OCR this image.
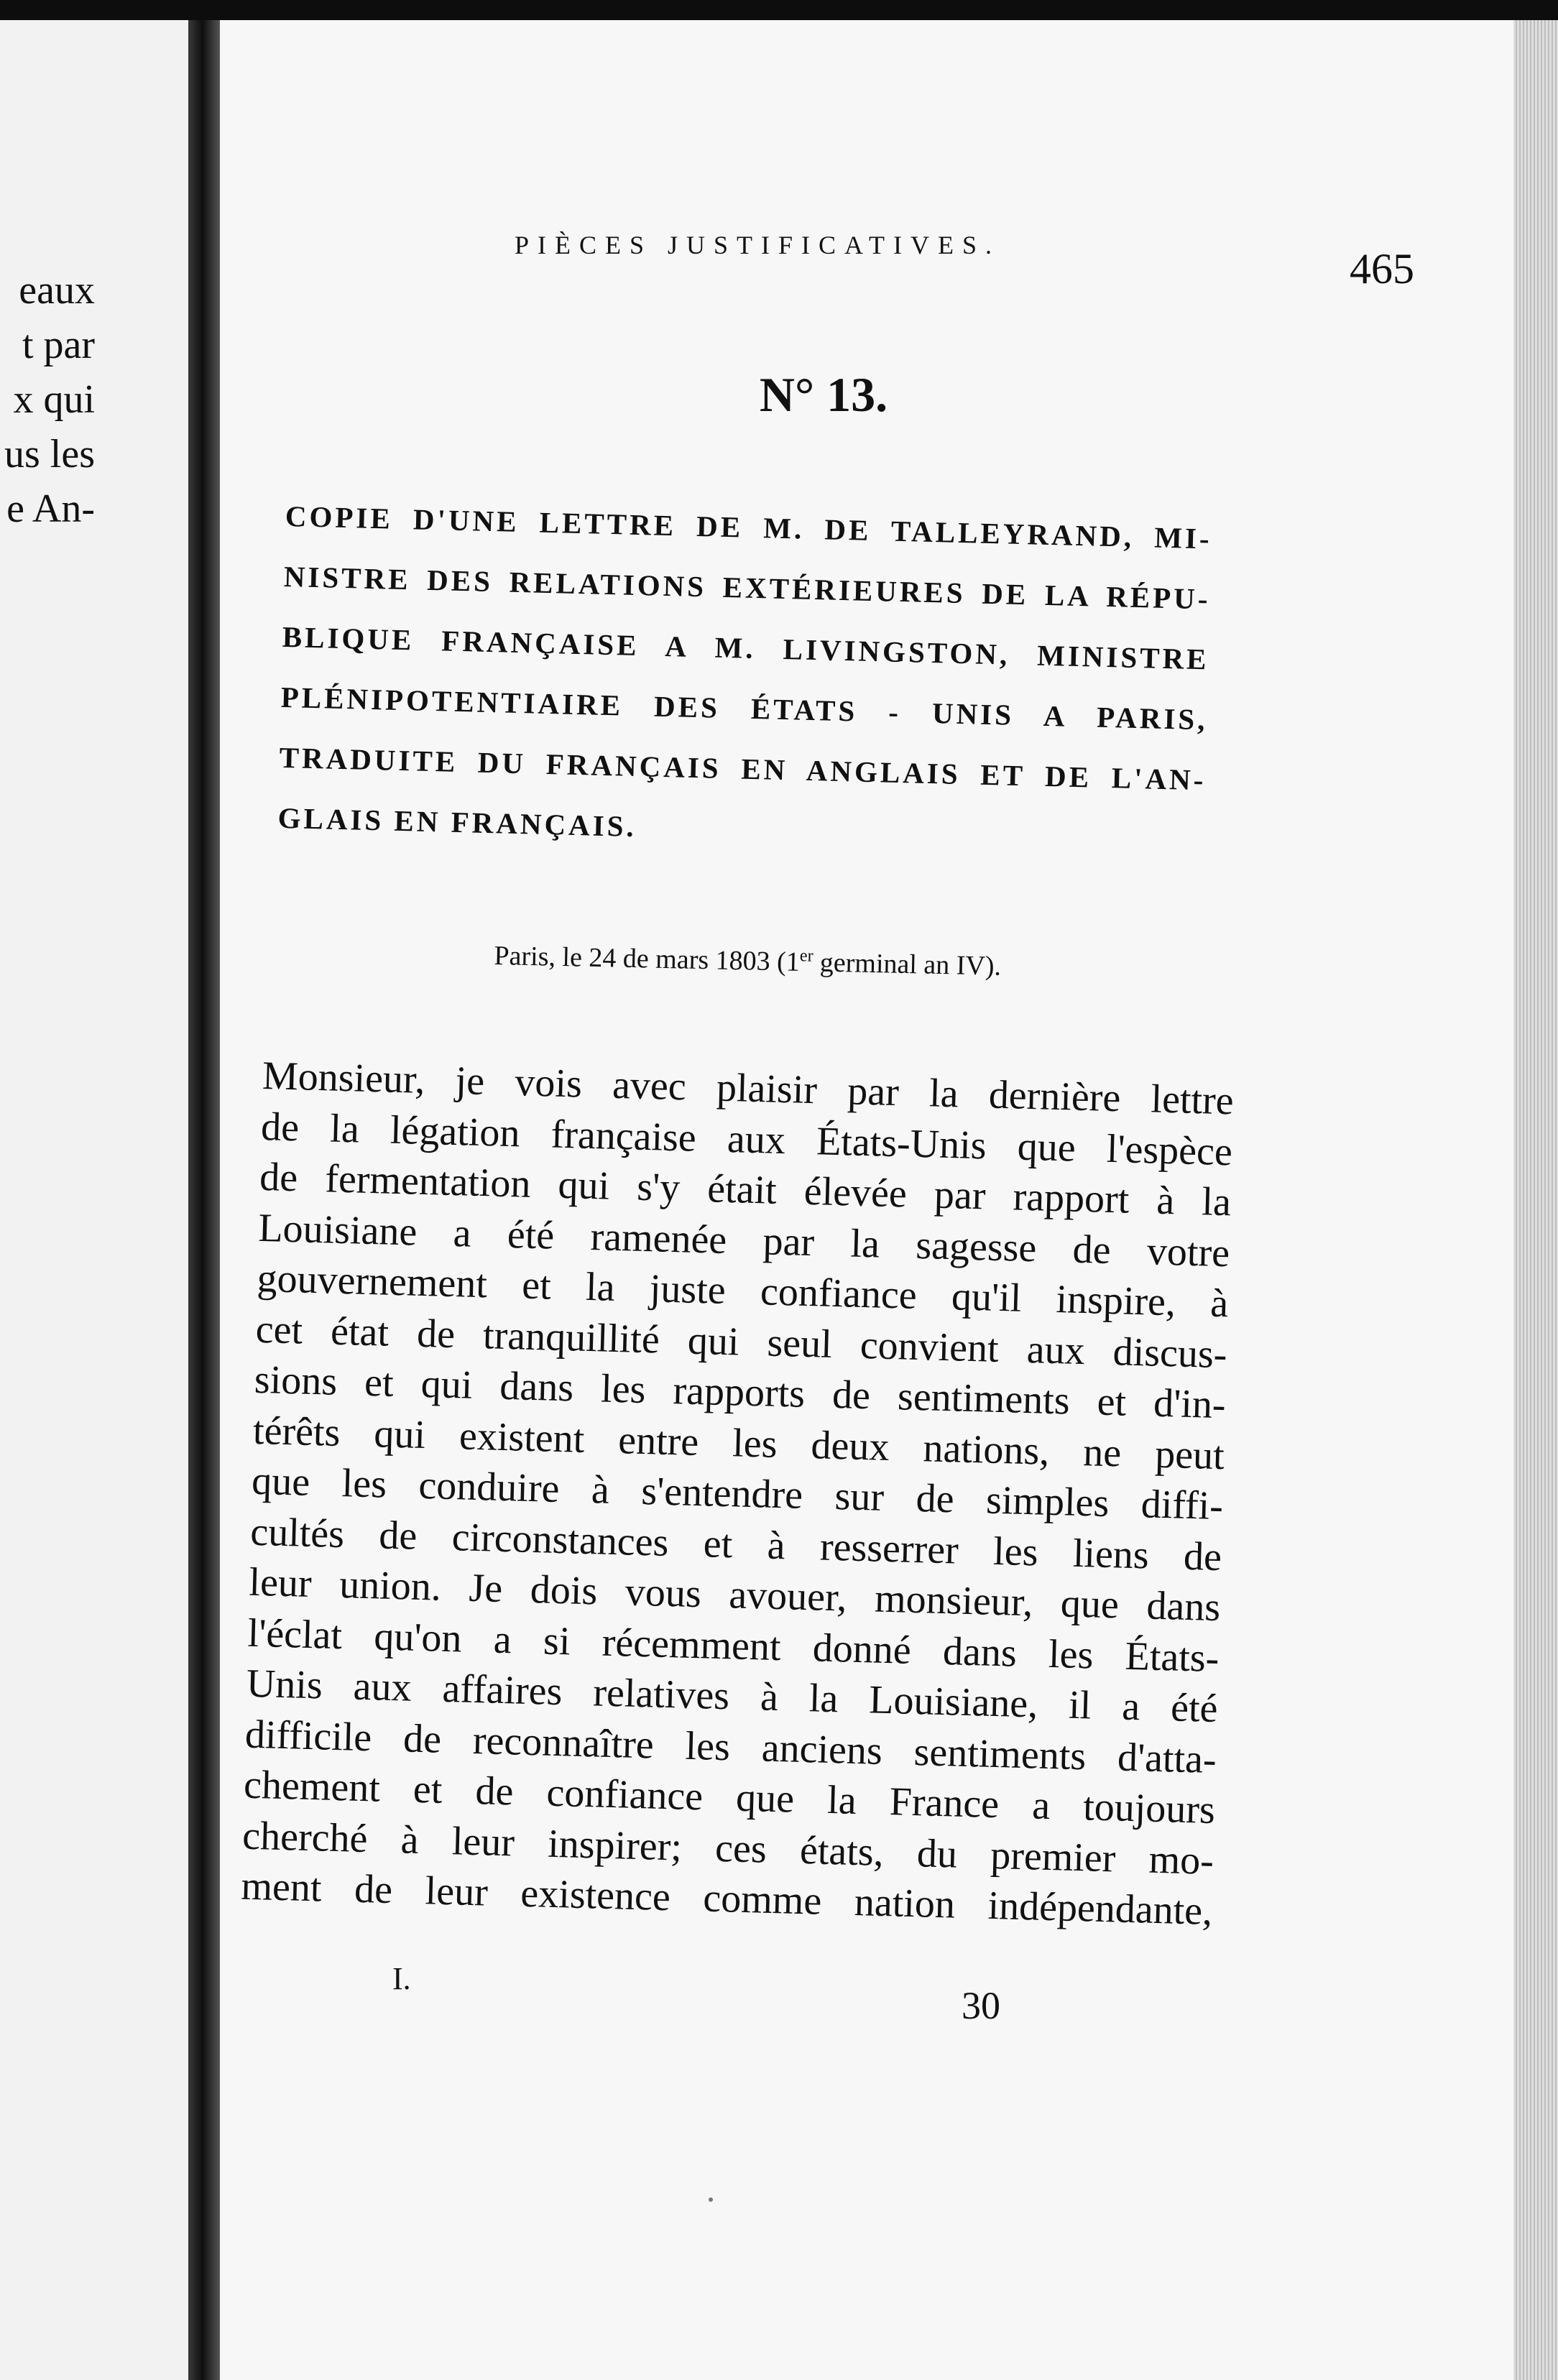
eaux
t par
x qui
us les
e An-
PIÈCES JUSTIFICATIVES.	465
N° 13.
COPIE D'UNE LETTRE DE M. DE TALLEYRAND, MI-
NISTRE DES RELATIONS EXTÉRIEURES DE LA RÉPU-
BLIQUE FRANÇAISE A M. LIVINGSTON, MINISTRE
PLÉNIPOTENTIAIRE DES ÉTATS - UNIS A PARIS,
TRADUITE DU FRANÇAIS EN ANGLAIS ET DE L'AN-
GLAIS EN FRANÇAIS.
Paris, le 24 de mars 1803 (1er germinal an IV).
Monsieur, je vois avec plaisir par la dernière lettre
de la légation française aux États-Unis que l'espèce
de fermentation qui s'y était élevée par rapport à la
Louisiane a été ramenée par la sagesse de votre
gouvernement et la juste confiance qu'il inspire, à
cet état de tranquillité qui seul convient aux discus-
sions et qui dans les rapports de sentiments et d'in-
térêts qui existent entre les deux nations, ne peut
que les conduire à s'entendre sur de simples diffi-
cultés de circonstances et à resserrer les liens de
leur union. Je dois vous avouer, monsieur, que dans
l'éclat qu'on a si récemment donné dans les États-
Unis aux affaires relatives à la Louisiane, il a été
difficile de reconnaître les anciens sentiments d'atta-
chement et de confiance que la France a toujours
cherché à leur inspirer; ces états, du premier mo-
ment de leur existence comme nation indépendante,
I.
30
